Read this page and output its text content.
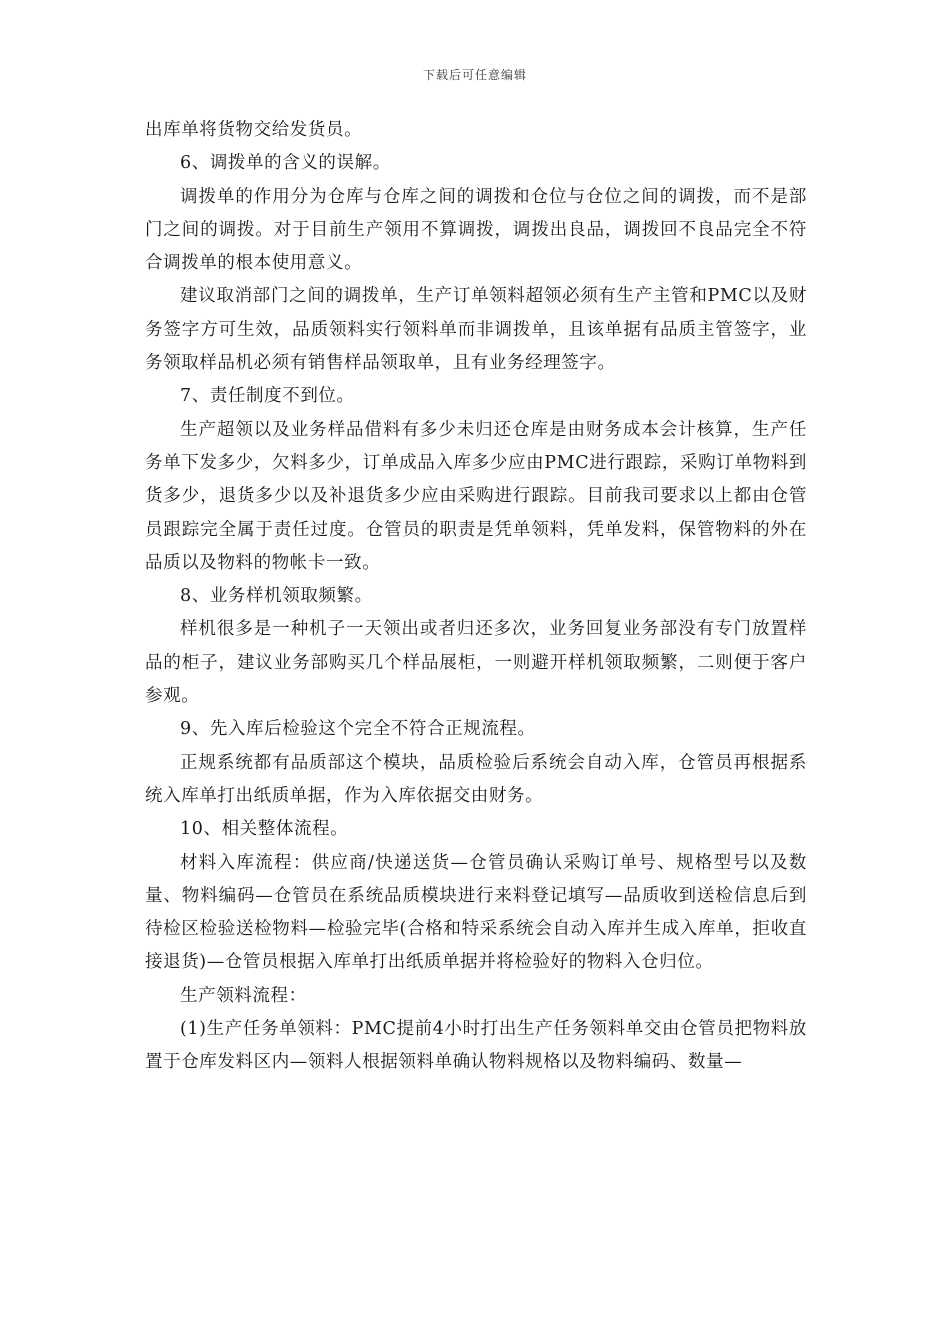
下载后可任意编辑

出库单将货物交给发货员。

6、调拨单的含义的误解。

调拨单的作用分为仓库与仓库之间的调拨和仓位与仓位之间的调拨，而不是部门之间的调拨。对于目前生产领用不算调拨，调拨出良品，调拨回不良品完全不符合调拨单的根本使用意义。

建议取消部门之间的调拨单，生产订单领料超领必须有生产主管和PMC以及财务签字方可生效，品质领料实行领料单而非调拨单，且该单据有品质主管签字，业务领取样品机必须有销售样品领取单，且有业务经理签字。

7、责任制度不到位。

生产超领以及业务样品借料有多少未归还仓库是由财务成本会计核算，生产任务单下发多少，欠料多少，订单成品入库多少应由PMC进行跟踪，采购订单物料到货多少，退货多少以及补退货多少应由采购进行跟踪。目前我司要求以上都由仓管员跟踪完全属于责任过度。仓管员的职责是凭单领料，凭单发料，保管物料的外在品质以及物料的物帐卡一致。

8、业务样机领取频繁。

样机很多是一种机子一天领出或者归还多次，业务回复业务部没有专门放置样品的柜子，建议业务部购买几个样品展柜，一则避开样机领取频繁，二则便于客户参观。

9、先入库后检验这个完全不符合正规流程。

正规系统都有品质部这个模块，品质检验后系统会自动入库，仓管员再根据系统入库单打出纸质单据，作为入库依据交由财务。

10、相关整体流程。

材料入库流程：供应商/快递送货—仓管员确认采购订单号、规格型号以及数量、物料编码—仓管员在系统品质模块进行来料登记填写—品质收到送检信息后到待检区检验送检物料—检验完毕(合格和特采系统会自动入库并生成入库单，拒收直接退货)—仓管员根据入库单打出纸质单据并将检验好的物料入仓归位。

生产领料流程：

(1)生产任务单领料：PMC提前4小时打出生产任务领料单交由仓管员把物料放置于仓库发料区内—领料人根据领料单确认物料规格以及物料编码、数量—
